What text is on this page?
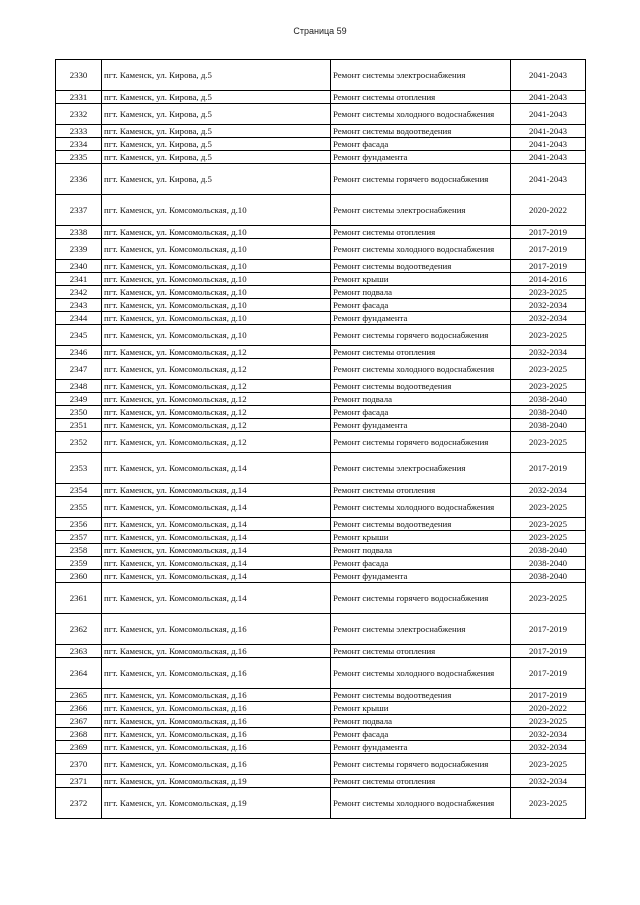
Страница 59
2330	пгт. Каменск, ул. Кирова, д.5	Ремонт системы электроснабжения	2041-2043
2331	пгт. Каменск, ул. Кирова, д.5	Ремонт системы отопления	2041-2043
2332	пгт. Каменск, ул. Кирова, д.5	Ремонт системы холодного водоснабжения	2041-2043
2333	пгт. Каменск, ул. Кирова, д.5	Ремонт системы водоотведения	2041-2043
2334	пгт. Каменск, ул. Кирова, д.5	Ремонт фасада	2041-2043
2335	пгт. Каменск, ул. Кирова, д.5	Ремонт фундамента	2041-2043
2336	пгт. Каменск, ул. Кирова, д.5	Ремонт системы горячего водоснабжения	2041-2043
2337	пгт. Каменск, ул. Комсомольская, д.10	Ремонт системы электроснабжения	2020-2022
2338	пгт. Каменск, ул. Комсомольская, д.10	Ремонт системы отопления	2017-2019
2339	пгт. Каменск, ул. Комсомольская, д.10	Ремонт системы холодного водоснабжения	2017-2019
2340	пгт. Каменск, ул. Комсомольская, д.10	Ремонт системы водоотведения	2017-2019
2341	пгт. Каменск, ул. Комсомольская, д.10	Ремонт крыши	2014-2016
2342	пгт. Каменск, ул. Комсомольская, д.10	Ремонт подвала	2023-2025
2343	пгт. Каменск, ул. Комсомольская, д.10	Ремонт фасада	2032-2034
2344	пгт. Каменск, ул. Комсомольская, д.10	Ремонт фундамента	2032-2034
2345	пгт. Каменск, ул. Комсомольская, д.10	Ремонт системы горячего водоснабжения	2023-2025
2346	пгт. Каменск, ул. Комсомольская, д.12	Ремонт системы отопления	2032-2034
2347	пгт. Каменск, ул. Комсомольская, д.12	Ремонт системы холодного водоснабжения	2023-2025
2348	пгт. Каменск, ул. Комсомольская, д.12	Ремонт системы водоотведения	2023-2025
2349	пгт. Каменск, ул. Комсомольская, д.12	Ремонт подвала	2038-2040
2350	пгт. Каменск, ул. Комсомольская, д.12	Ремонт фасада	2038-2040
2351	пгт. Каменск, ул. Комсомольская, д.12	Ремонт фундамента	2038-2040
2352	пгт. Каменск, ул. Комсомольская, д.12	Ремонт системы горячего водоснабжения	2023-2025
2353	пгт. Каменск, ул. Комсомольская, д.14	Ремонт системы электроснабжения	2017-2019
2354	пгт. Каменск, ул. Комсомольская, д.14	Ремонт системы отопления	2032-2034
2355	пгт. Каменск, ул. Комсомольская, д.14	Ремонт системы холодного водоснабжения	2023-2025
2356	пгт. Каменск, ул. Комсомольская, д.14	Ремонт системы водоотведения	2023-2025
2357	пгт. Каменск, ул. Комсомольская, д.14	Ремонт крыши	2023-2025
2358	пгт. Каменск, ул. Комсомольская, д.14	Ремонт подвала	2038-2040
2359	пгт. Каменск, ул. Комсомольская, д.14	Ремонт фасада	2038-2040
2360	пгт. Каменск, ул. Комсомольская, д.14	Ремонт фундамента	2038-2040
2361	пгт. Каменск, ул. Комсомольская, д.14	Ремонт системы горячего водоснабжения	2023-2025
2362	пгт. Каменск, ул. Комсомольская, д.16	Ремонт системы электроснабжения	2017-2019
2363	пгт. Каменск, ул. Комсомольская, д.16	Ремонт системы отопления	2017-2019
2364	пгт. Каменск, ул. Комсомольская, д.16	Ремонт системы холодного водоснабжения	2017-2019
2365	пгт. Каменск, ул. Комсомольская, д.16	Ремонт системы водоотведения	2017-2019
2366	пгт. Каменск, ул. Комсомольская, д.16	Ремонт крыши	2020-2022
2367	пгт. Каменск, ул. Комсомольская, д.16	Ремонт подвала	2023-2025
2368	пгт. Каменск, ул. Комсомольская, д.16	Ремонт фасада	2032-2034
2369	пгт. Каменск, ул. Комсомольская, д.16	Ремонт фундамента	2032-2034
2370	пгт. Каменск, ул. Комсомольская, д.16	Ремонт системы горячего водоснабжения	2023-2025
2371	пгт. Каменск, ул. Комсомольская, д.19	Ремонт системы отопления	2032-2034
2372	пгт. Каменск, ул. Комсомольская, д.19	Ремонт системы холодного водоснабжения	2023-2025
